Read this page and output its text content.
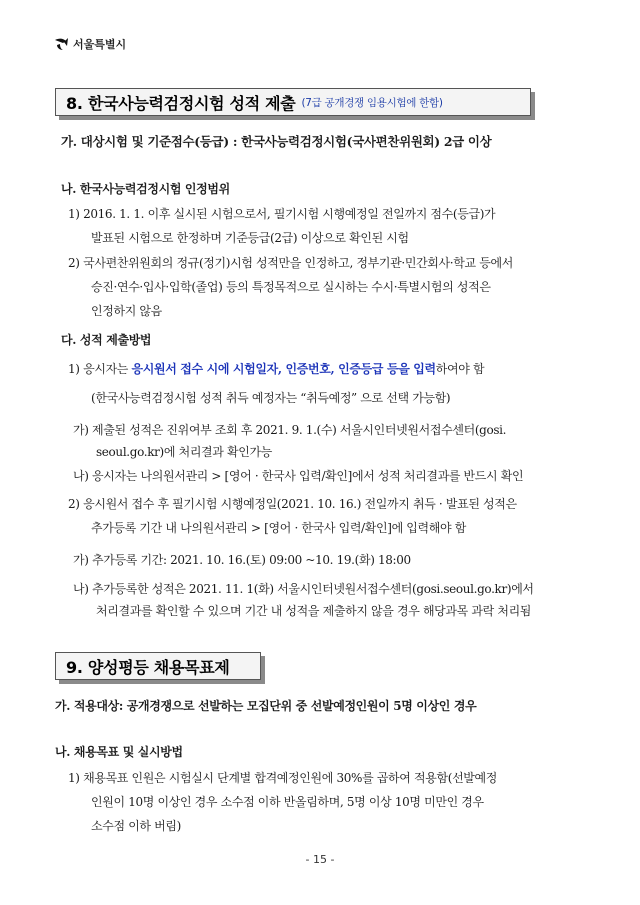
서울특별시
8. 한국사능력검정시험 성적 제출 (7급 공개경쟁 임용시험에 한함)
가. 대상시험 및 기준점수(등급) : 한국사능력검정시험(국사편찬위원회) 2급 이상
나. 한국사능력검정시험 인정범위
1) 2016. 1. 1. 이후 실시된 시험으로서, 필기시험 시행예정일 전일까지 점수(등급)가
발표된 시험으로 한정하며 기준등급(2급) 이상으로 확인된 시험
2) 국사편찬위원회의 정규(정기)시험 성적만을 인정하고, 정부기관·민간회사·학교 등에서
승진·연수·입사·입학(졸업) 등의 특정목적으로 실시하는 수시·특별시험의 성적은
인정하지 않음
다. 성적 제출방법
1) 응시자는 응시원서 접수 시에 시험일자, 인증번호, 인증등급 등을 입력하여야 함
(한국사능력검정시험 성적 취득 예정자는 “취득예정” 으로 선택 가능함)
가) 제출된 성적은 진위여부 조회 후 2021. 9. 1.(수) 서울시인터넷원서접수센터(gosi.
seoul.go.kr)에 처리결과 확인가능
나) 응시자는 나의원서관리 > [영어 · 한국사 입력/확인]에서 성적 처리결과를 반드시 확인
2) 응시원서 접수 후 필기시험 시행예정일(2021. 10. 16.) 전일까지 취득 · 발표된 성적은
추가등록 기간 내 나의원서관리 > [영어 · 한국사 입력/확인]에 입력해야 함
가) 추가등록 기간: 2021. 10. 16.(토) 09:00 ~10. 19.(화) 18:00
나) 추가등록한 성적은 2021. 11. 1(화) 서울시인터넷원서접수센터(gosi.seoul.go.kr)에서
처리결과를 확인할 수 있으며 기간 내 성적을 제출하지 않을 경우 해당과목 과락 처리됨
9. 양성평등 채용목표제
가. 적용대상: 공개경쟁으로 선발하는 모집단위 중 선발예정인원이 5명 이상인 경우
나. 채용목표 및 실시방법
1) 채용목표 인원은 시험실시 단계별 합격예정인원에 30%를 곱하여 적용함(선발예정
인원이 10명 이상인 경우 소수점 이하 반올림하며, 5명 이상 10명 미만인 경우
소수점 이하 버림)
- 15 -
